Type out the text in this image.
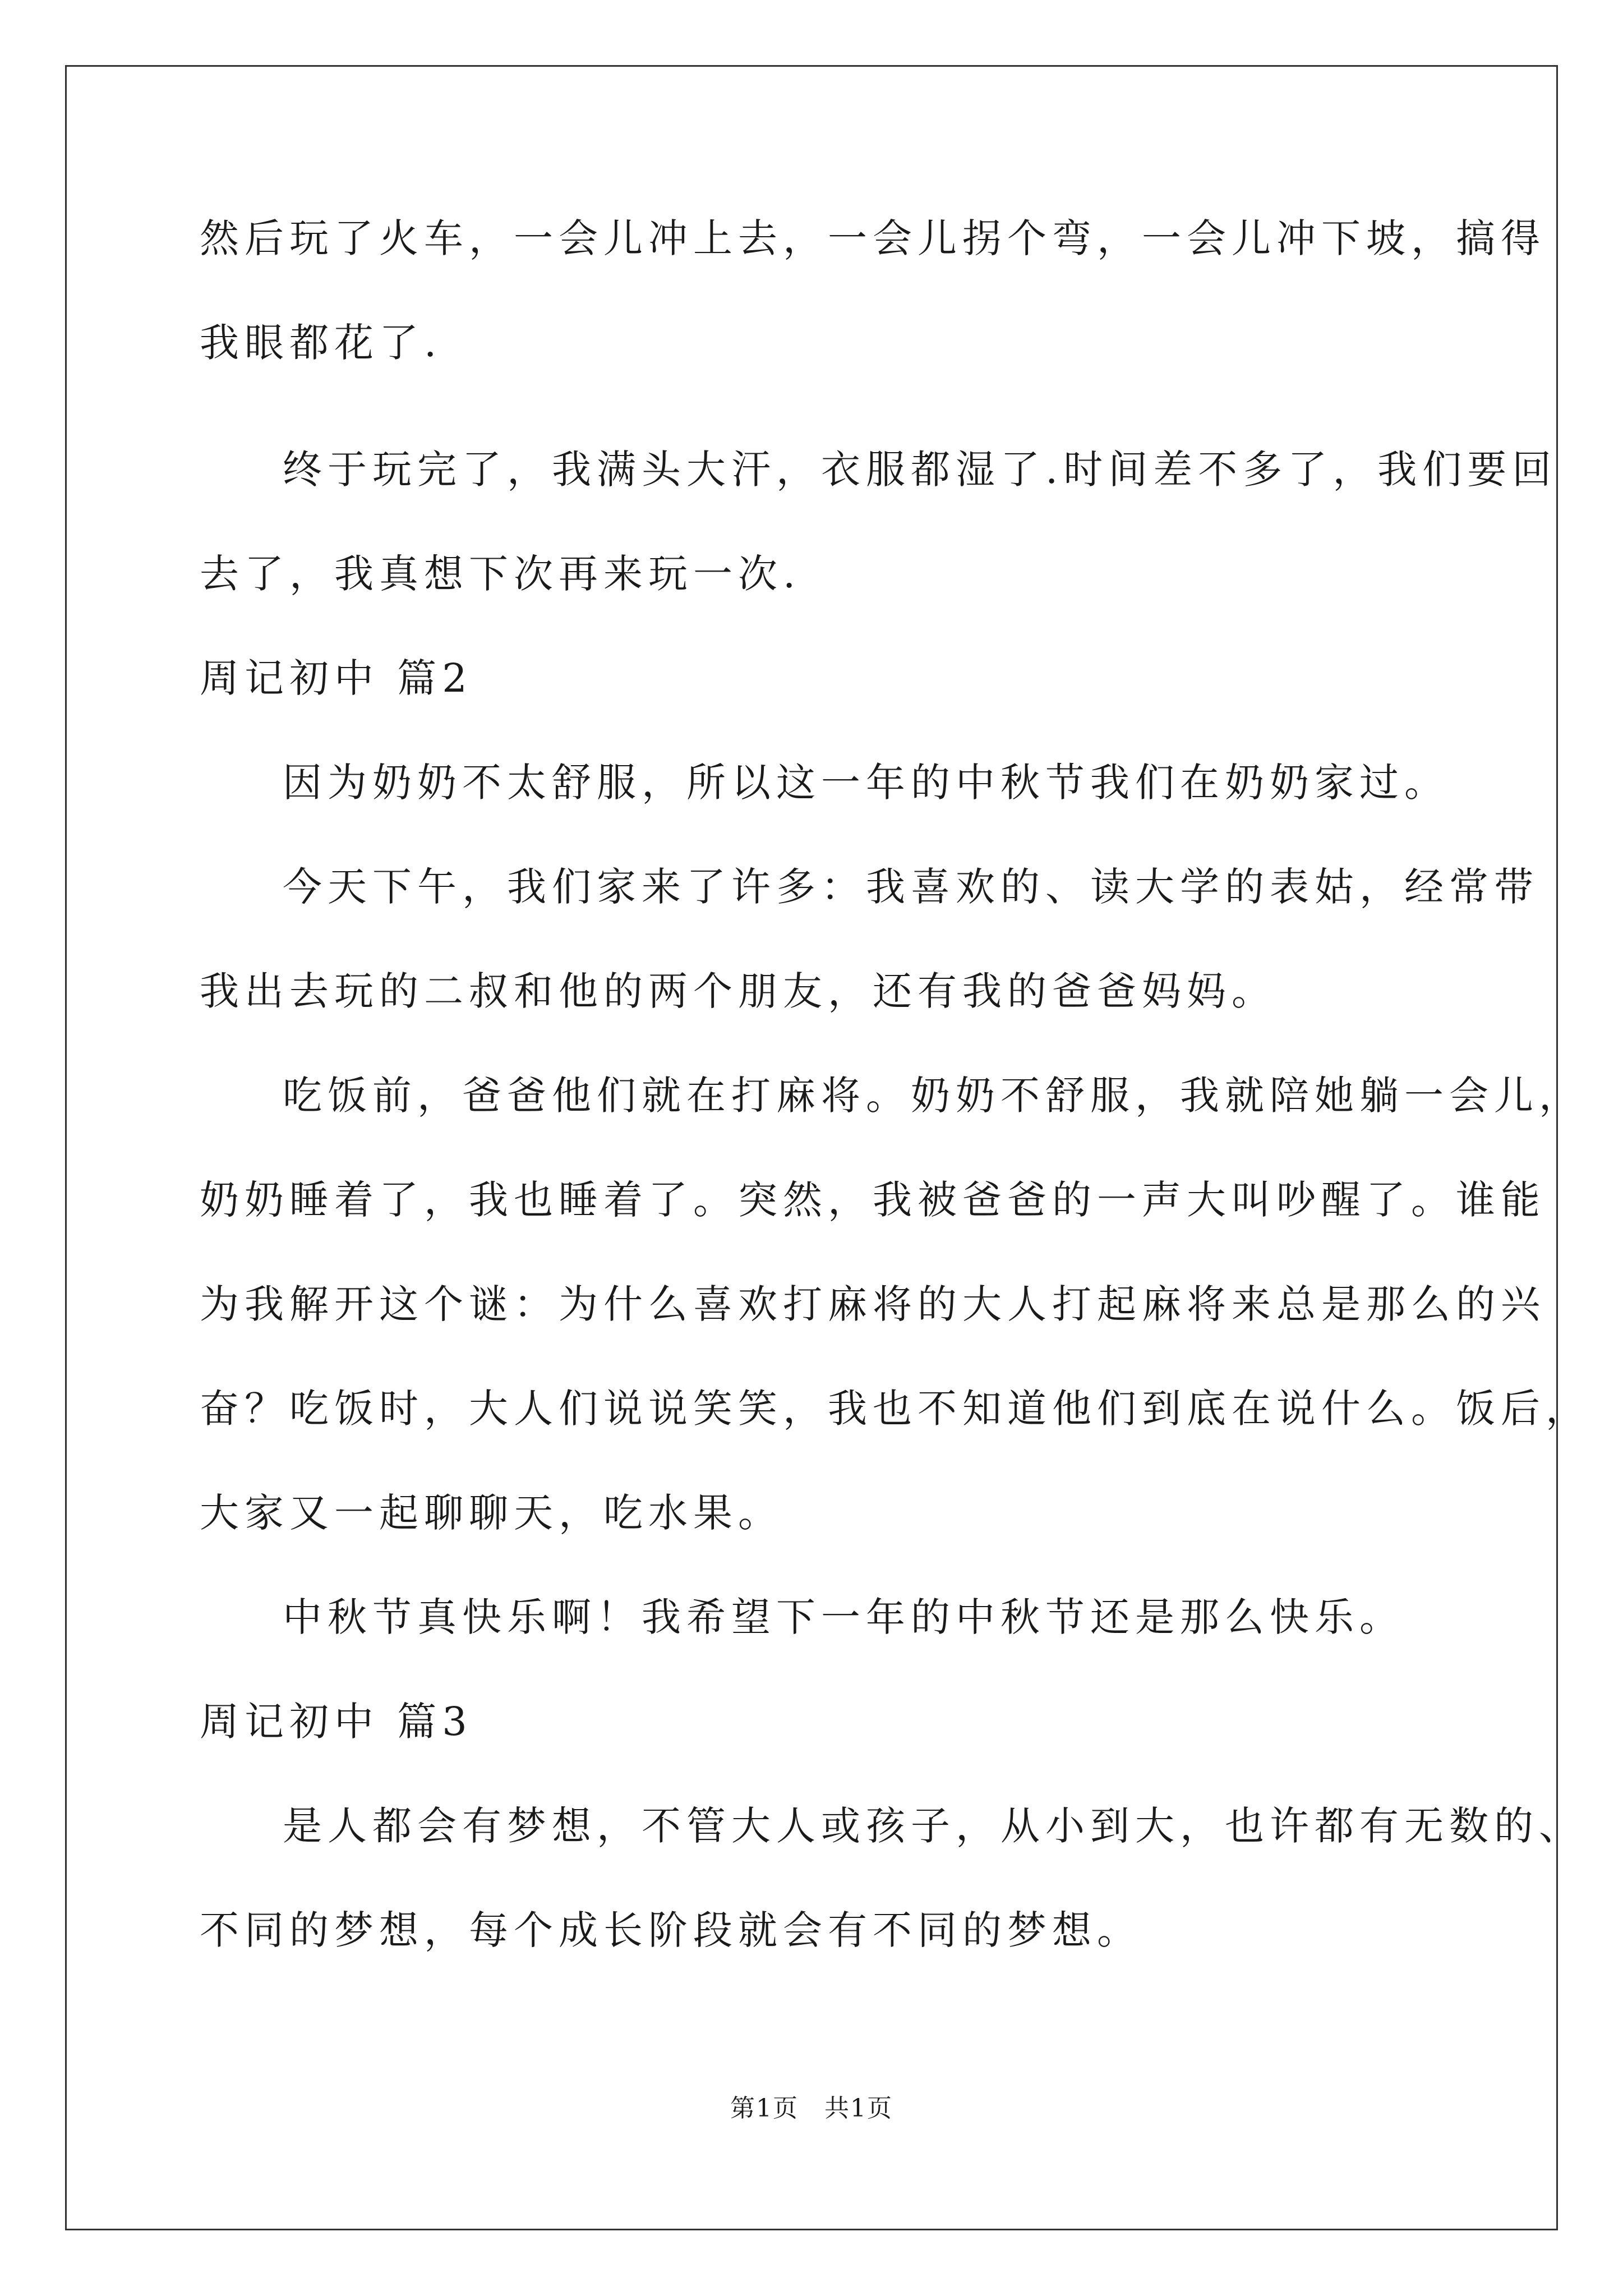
然后玩了火车，一会儿冲上去，一会儿拐个弯，一会儿冲下坡，搞得
我眼都花了.
终于玩完了，我满头大汗，衣服都湿了.时间差不多了，我们要回
去了，我真想下次再来玩一次.
周记初中 篇2
因为奶奶不太舒服，所以这一年的中秋节我们在奶奶家过。
今天下午，我们家来了许多：我喜欢的、读大学的表姑，经常带
我出去玩的二叔和他的两个朋友，还有我的爸爸妈妈。
吃饭前，爸爸他们就在打麻将。奶奶不舒服，我就陪她躺一会儿，
奶奶睡着了，我也睡着了。突然，我被爸爸的一声大叫吵醒了。谁能
为我解开这个谜：为什么喜欢打麻将的大人打起麻将来总是那么的兴
奋？吃饭时，大人们说说笑笑，我也不知道他们到底在说什么。饭后，
大家又一起聊聊天，吃水果。
中秋节真快乐啊！我希望下一年的中秋节还是那么快乐。
周记初中 篇3
是人都会有梦想，不管大人或孩子，从小到大，也许都有无数的、
不同的梦想，每个成长阶段就会有不同的梦想。
第1页　共1页
